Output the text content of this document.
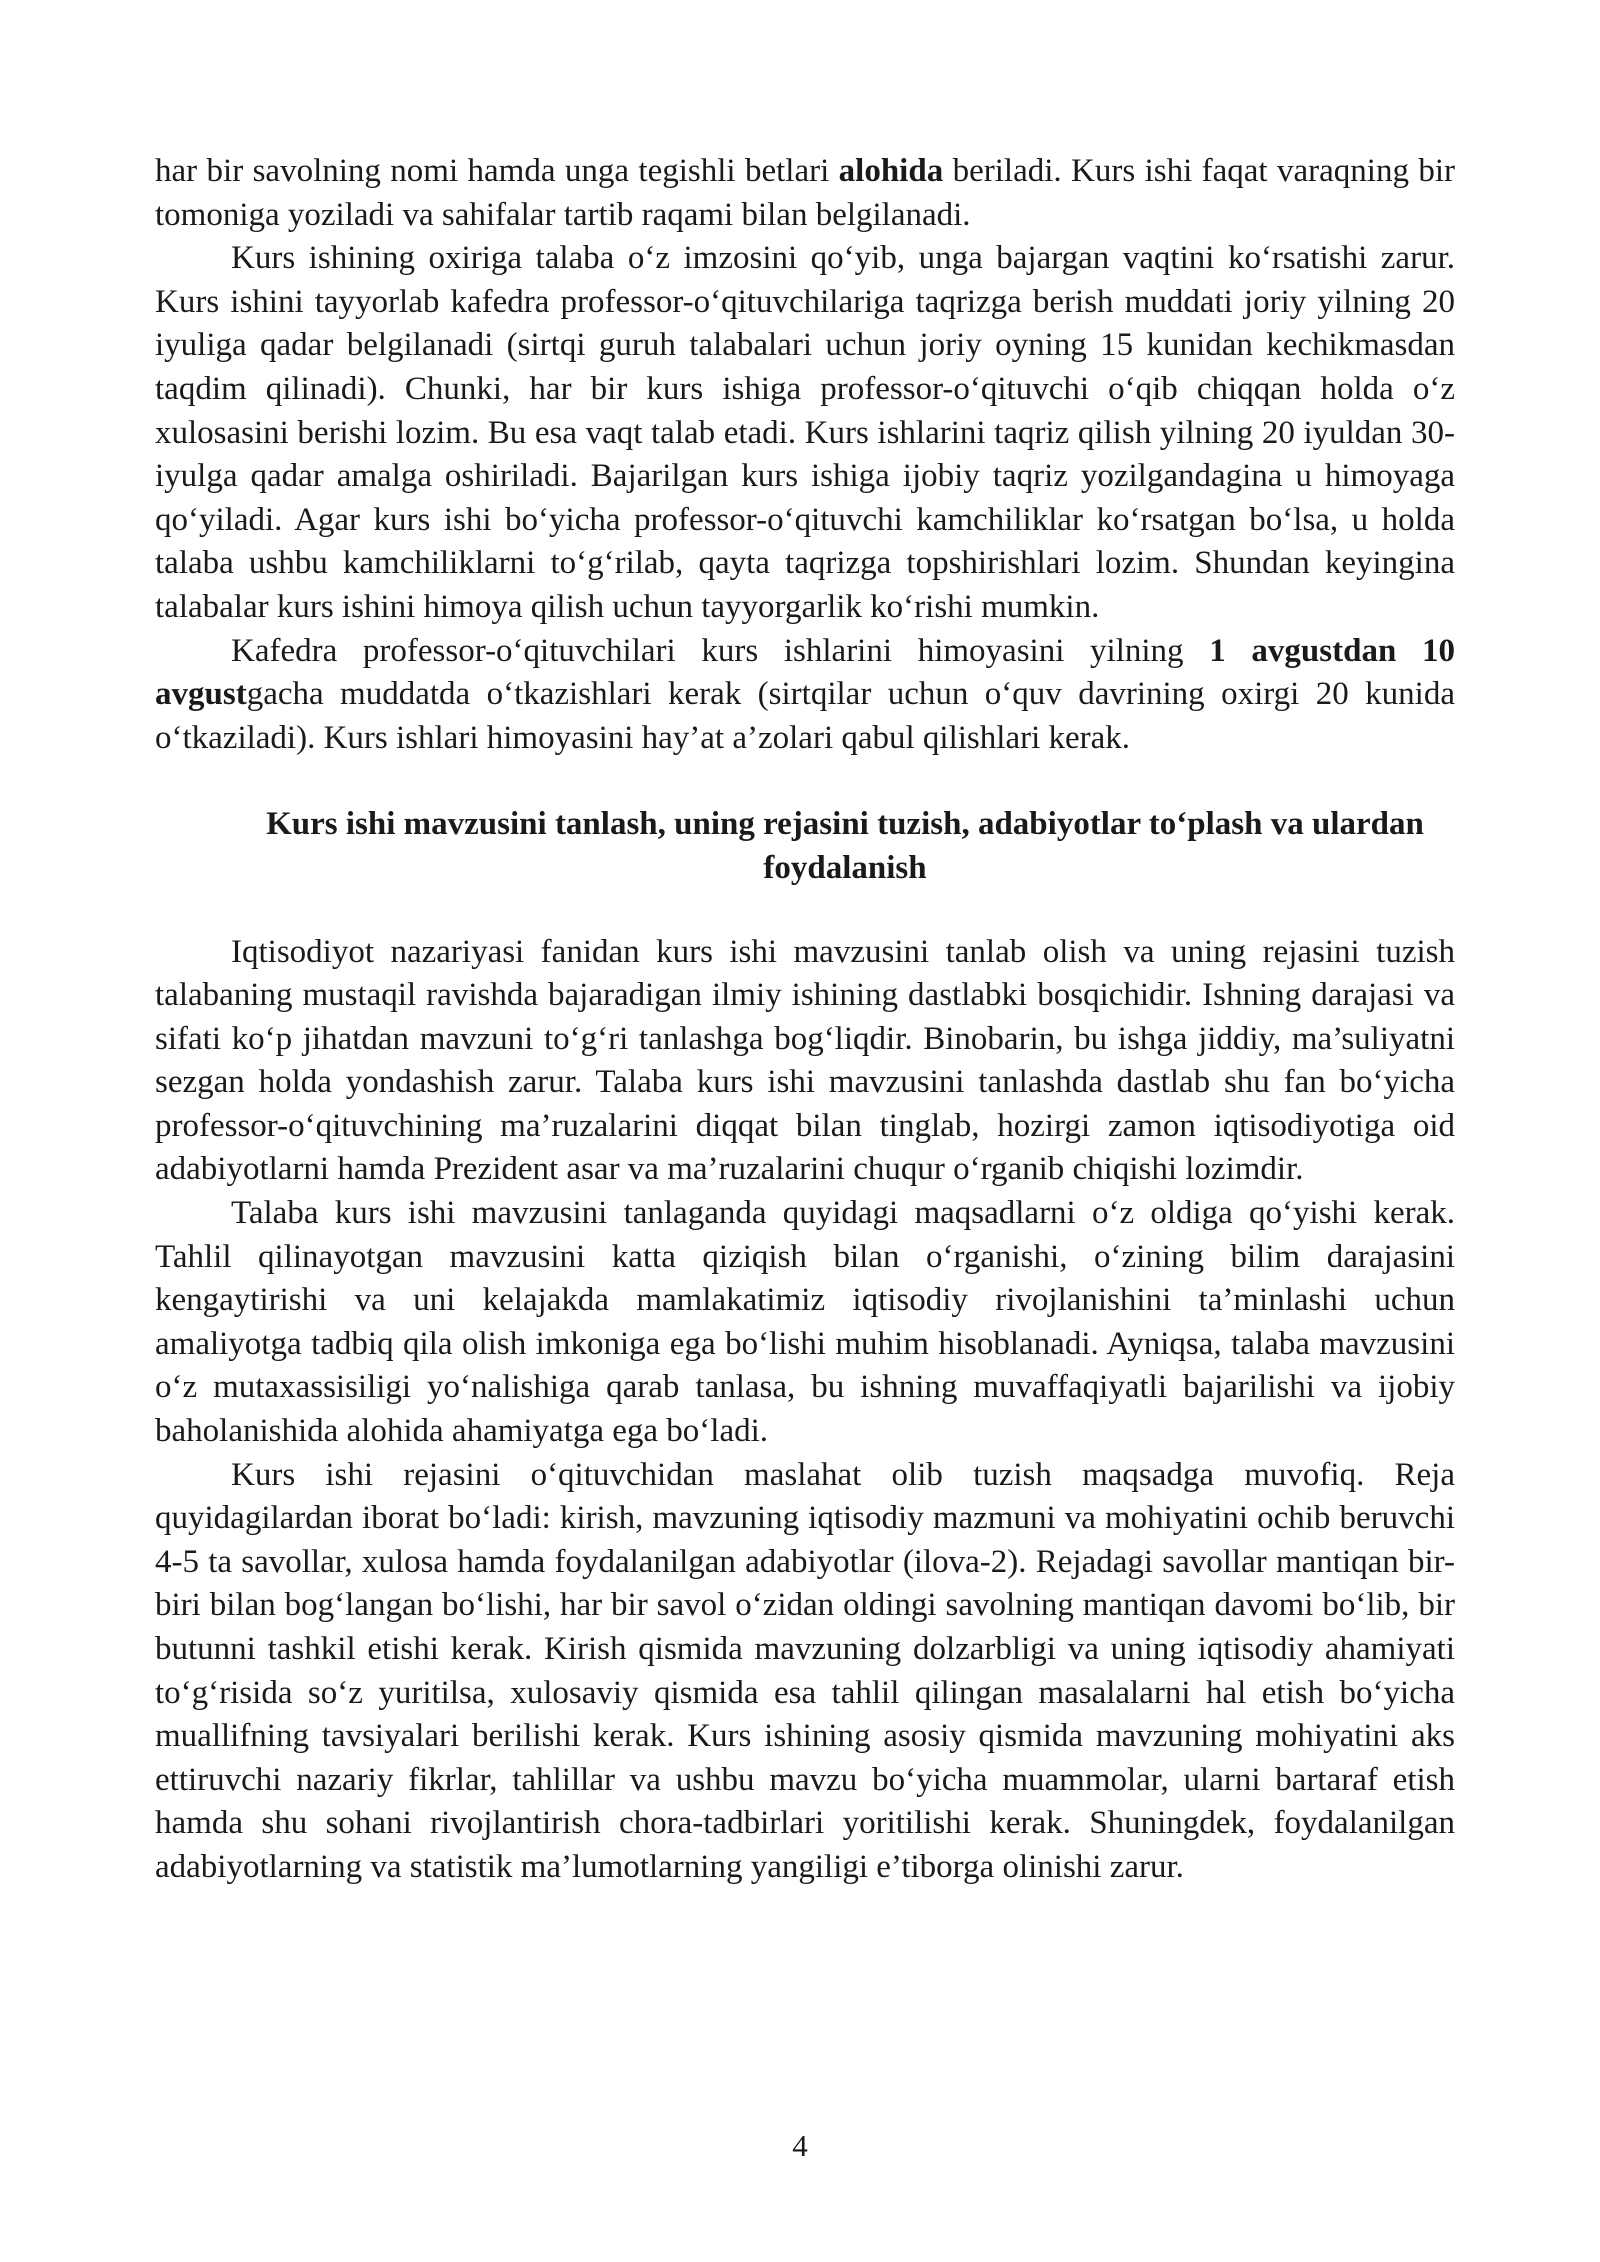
har bir savolning nomi hamda unga tegishli betlari alohida beriladi. Kurs ishi faqat varaqning bir tomoniga yoziladi va sahifalar tartib raqami bilan belgilanadi.

Kurs ishining oxiriga talaba o‘z imzosini qo‘yib, unga bajargan vaqtini ko‘rsatishi zarur. Kurs ishini tayyorlab kafedra professor-o‘qituvchilariga taqrizga berish muddati joriy yilning 20 iyuliga qadar belgilanadi (sirtqi guruh talabalari uchun joriy oyning 15 kunidan kechikmasdan taqdim qilinadi). Chunki, har bir kurs ishiga professor-o‘qituvchi o‘qib chiqqan holda o‘z xulosasini berishi lozim. Bu esa vaqt talab etadi. Kurs ishlarini taqriz qilish yilning 20 iyuldan 30-iyulga qadar amalga oshiriladi. Bajarilgan kurs ishiga ijobiy taqriz yozilgandagina u himoyaga qo‘yiladi. Agar kurs ishi bo‘yicha professor-o‘qituvchi kamchiliklar ko‘rsatgan bo‘lsa, u holda talaba ushbu kamchiliklarni to‘g‘rilab, qayta taqrizga topshirishlari lozim. Shundan keyingina talabalar kurs ishini himoya qilish uchun tayyorgarlik ko‘rishi mumkin.

Kafedra professor-o‘qituvchilari kurs ishlarini himoyasini yilning 1 avgustdan 10 avgustgacha muddatda o‘tkazishlari kerak (sirtqilar uchun o‘quv davrining oxirgi 20 kunida o‘tkaziladi). Kurs ishlari himoyasini hay’at a’zolari qabul qilishlari kerak.

Kurs ishi mavzusini tanlash, uning rejasini tuzish, adabiyotlar to‘plash va ulardan foydalanish

Iqtisodiyot nazariyasi fanidan kurs ishi mavzusini tanlab olish va uning rejasini tuzish talabaning mustaqil ravishda bajaradigan ilmiy ishining dastlabki bosqichidir. Ishning darajasi va sifati ko‘p jihatdan mavzuni to‘g‘ri tanlashga bog‘liqdir. Binobarin, bu ishga jiddiy, ma’suliyatni sezgan holda yondashish zarur. Talaba kurs ishi mavzusini tanlashda dastlab shu fan bo‘yicha professor-o‘qituvchining ma’ruzalarini diqqat bilan tinglab, hozirgi zamon iqtisodiyotiga oid adabiyotlarni hamda Prezident asar va ma’ruzalarini chuqur o‘rganib chiqishi lozimdir.

Talaba kurs ishi mavzusini tanlaganda quyidagi maqsadlarni o‘z oldiga qo‘yishi kerak. Tahlil qilinayotgan mavzusini katta qiziqish bilan o‘rganishi, o‘zining bilim darajasini kengaytirishi va uni kelajakda mamlakatimiz iqtisodiy rivojlanishini ta’minlashi uchun amaliyotga tadbiq qila olish imkoniga ega bo‘lishi muhim hisoblanadi. Ayniqsa, talaba mavzusini o‘z mutaxassisiligi yo‘nalishiga qarab tanlasa, bu ishning muvaffaqiyatli bajarilishi va ijobiy baholanishida alohida ahamiyatga ega bo‘ladi.

Kurs ishi rejasini o‘qituvchidan maslahat olib tuzish maqsadga muvofiq. Reja quyidagilardan iborat bo‘ladi: kirish, mavzuning iqtisodiy mazmuni va mohiyatini ochib beruvchi 4-5 ta savollar, xulosa hamda foydalanilgan adabiyotlar (ilova-2). Rejadagi savollar mantiqan bir-biri bilan bog‘langan bo‘lishi, har bir savol o‘zidan oldingi savolning mantiqan davomi bo‘lib, bir butunni tashkil etishi kerak. Kirish qismida mavzuning dolzarbligi va uning iqtisodiy ahamiyati to‘g‘risida so‘z yuritilsa, xulosaviy qismida esa tahlil qilingan masalalarni hal etish bo‘yicha muallifning tavsiyalari berilishi kerak. Kurs ishining asosiy qismida mavzuning mohiyatini aks ettiruvchi nazariy fikrlar, tahlillar va ushbu mavzu bo‘yicha muammolar, ularni bartaraf etish hamda shu sohani rivojlantirish chora-tadbirlari yoritilishi kerak. Shuningdek, foydalanilgan adabiyotlarning va statistik ma’lumotlarning yangiligi e’tiborga olinishi zarur.

4
